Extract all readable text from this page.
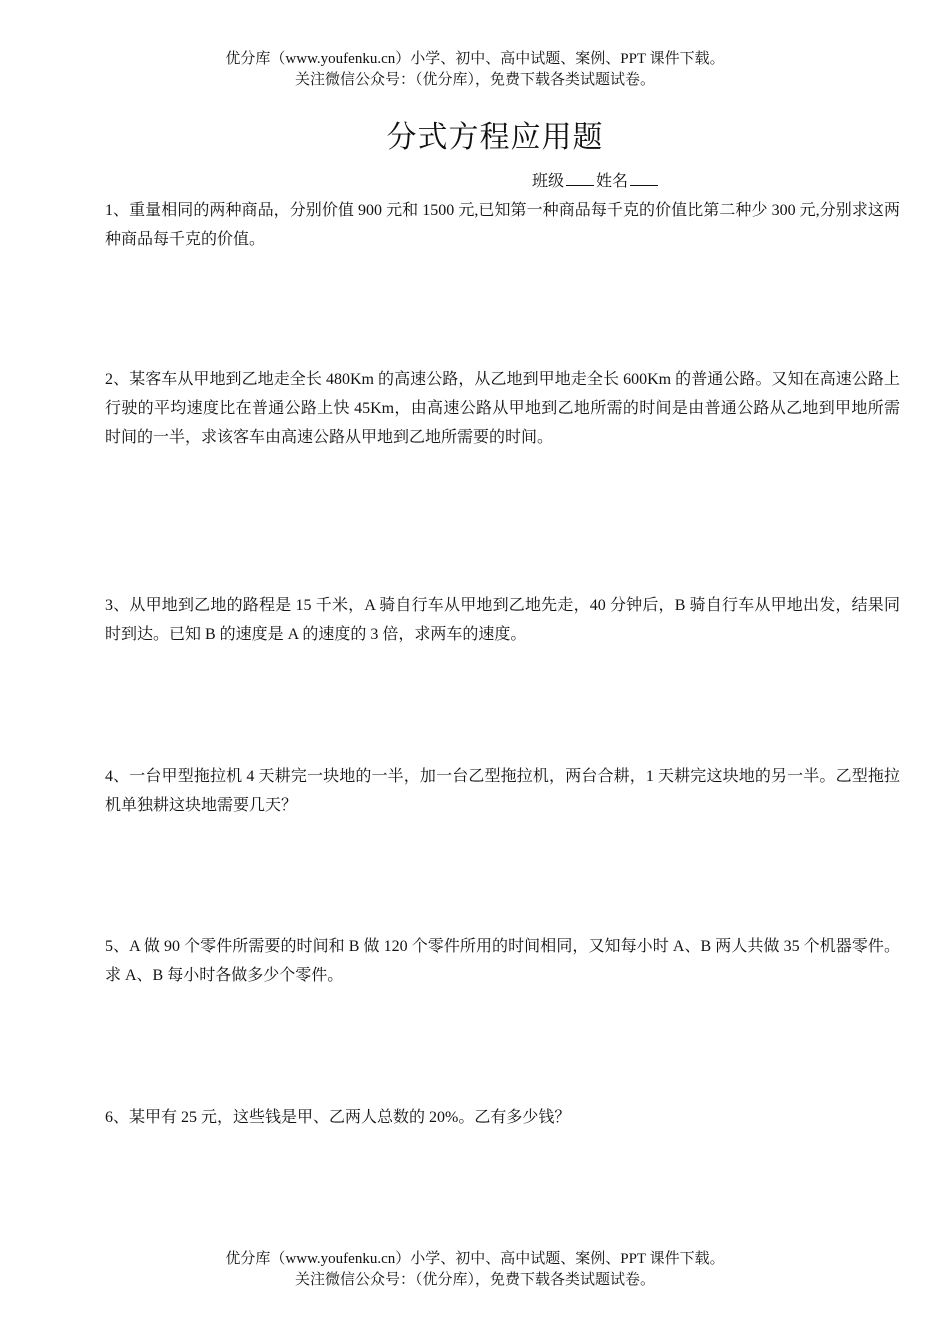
优分库（www.youfenku.cn）小学、初中、高中试题、案例、PPT 课件下载。
关注微信公众号：（优分库），免费下载各类试题试卷。
分式方程应用题
班级 姓名
1、重量相同的两种商品，分别价值 900 元和 1500 元,已知第一种商品每千克的价值比第二种少 300 元,分别求这两种商品每千克的价值。
2、某客车从甲地到乙地走全长 480Km 的高速公路，从乙地到甲地走全长 600Km 的普通公路。又知在高速公路上行驶的平均速度比在普通公路上快 45Km，由高速公路从甲地到乙地所需的时间是由普通公路从乙地到甲地所需时间的一半，求该客车由高速公路从甲地到乙地所需要的时间。
3、从甲地到乙地的路程是 15 千米，A 骑自行车从甲地到乙地先走，40 分钟后，B 骑自行车从甲地出发，结果同时到达。已知 B 的速度是 A 的速度的 3 倍，求两车的速度。
4、一台甲型拖拉机 4 天耕完一块地的一半，加一台乙型拖拉机，两台合耕，1 天耕完这块地的另一半。乙型拖拉机单独耕这块地需要几天？
5、A 做 90 个零件所需要的时间和 B 做 120 个零件所用的时间相同，又知每小时 A、B 两人共做 35 个机器零件。求 A、B 每小时各做多少个零件。
6、某甲有 25 元，这些钱是甲、乙两人总数的 20%。乙有多少钱？
优分库（www.youfenku.cn）小学、初中、高中试题、案例、PPT 课件下载。
关注微信公众号：（优分库），免费下载各类试题试卷。
